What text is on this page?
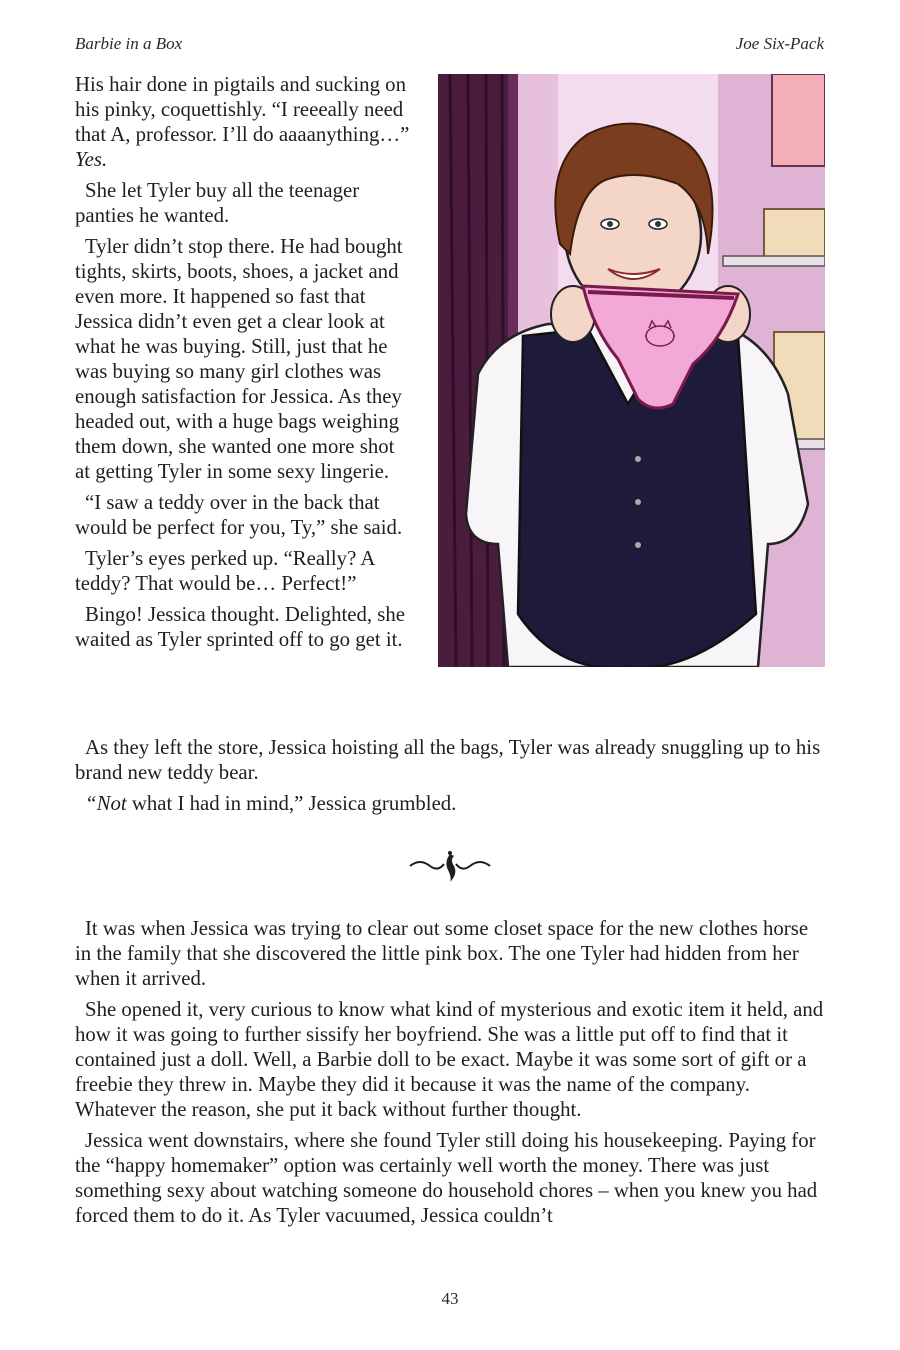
Barbie in a Box	Joe Six-Pack

His hair done in pigtails and sucking on his pinky, coquettishly. “I reeeally need that A, professor. I’ll do aaaanything…” Yes.

She let Tyler buy all the teenager panties he wanted.

Tyler didn’t stop there. He had bought tights, skirts, boots, shoes, a jacket and even more. It happened so fast that Jessica didn’t even get a clear look at what he was buying. Still, just that he was buying so many girl clothes was enough satisfaction for Jessica. As they headed out, with a huge bags weighing them down, she wanted one more shot at getting Tyler in some sexy lingerie.

“I saw a teddy over in the back that would be perfect for you, Ty,” she said.

Tyler’s eyes perked up. “Really? A teddy? That would be… Perfect!”

Bingo! Jessica thought. Delighted, she waited as Tyler sprinted off to go get it.

As they left the store, Jessica hoisting all the bags, Tyler was already snuggling up to his brand new teddy bear.

“Not what I had in mind,” Jessica grumbled.

It was when Jessica was trying to clear out some closet space for the new clothes horse in the family that she discovered the little pink box. The one Tyler had hidden from her when it arrived.

She opened it, very curious to know what kind of mysterious and exotic item it held, and how it was going to further sissify her boyfriend. She was a little put off to find that it contained just a doll. Well, a Barbie doll to be exact. Maybe it was some sort of gift or a freebie they threw in. Maybe they did it because it was the name of the company. Whatever the reason, she put it back without further thought.

Jessica went downstairs, where she found Tyler still doing his housekeeping. Paying for the “happy homemaker” option was certainly well worth the money. There was just something sexy about watching someone do household chores – when you knew you had forced them to do it. As Tyler vacuumed, Jessica couldn’t

43
